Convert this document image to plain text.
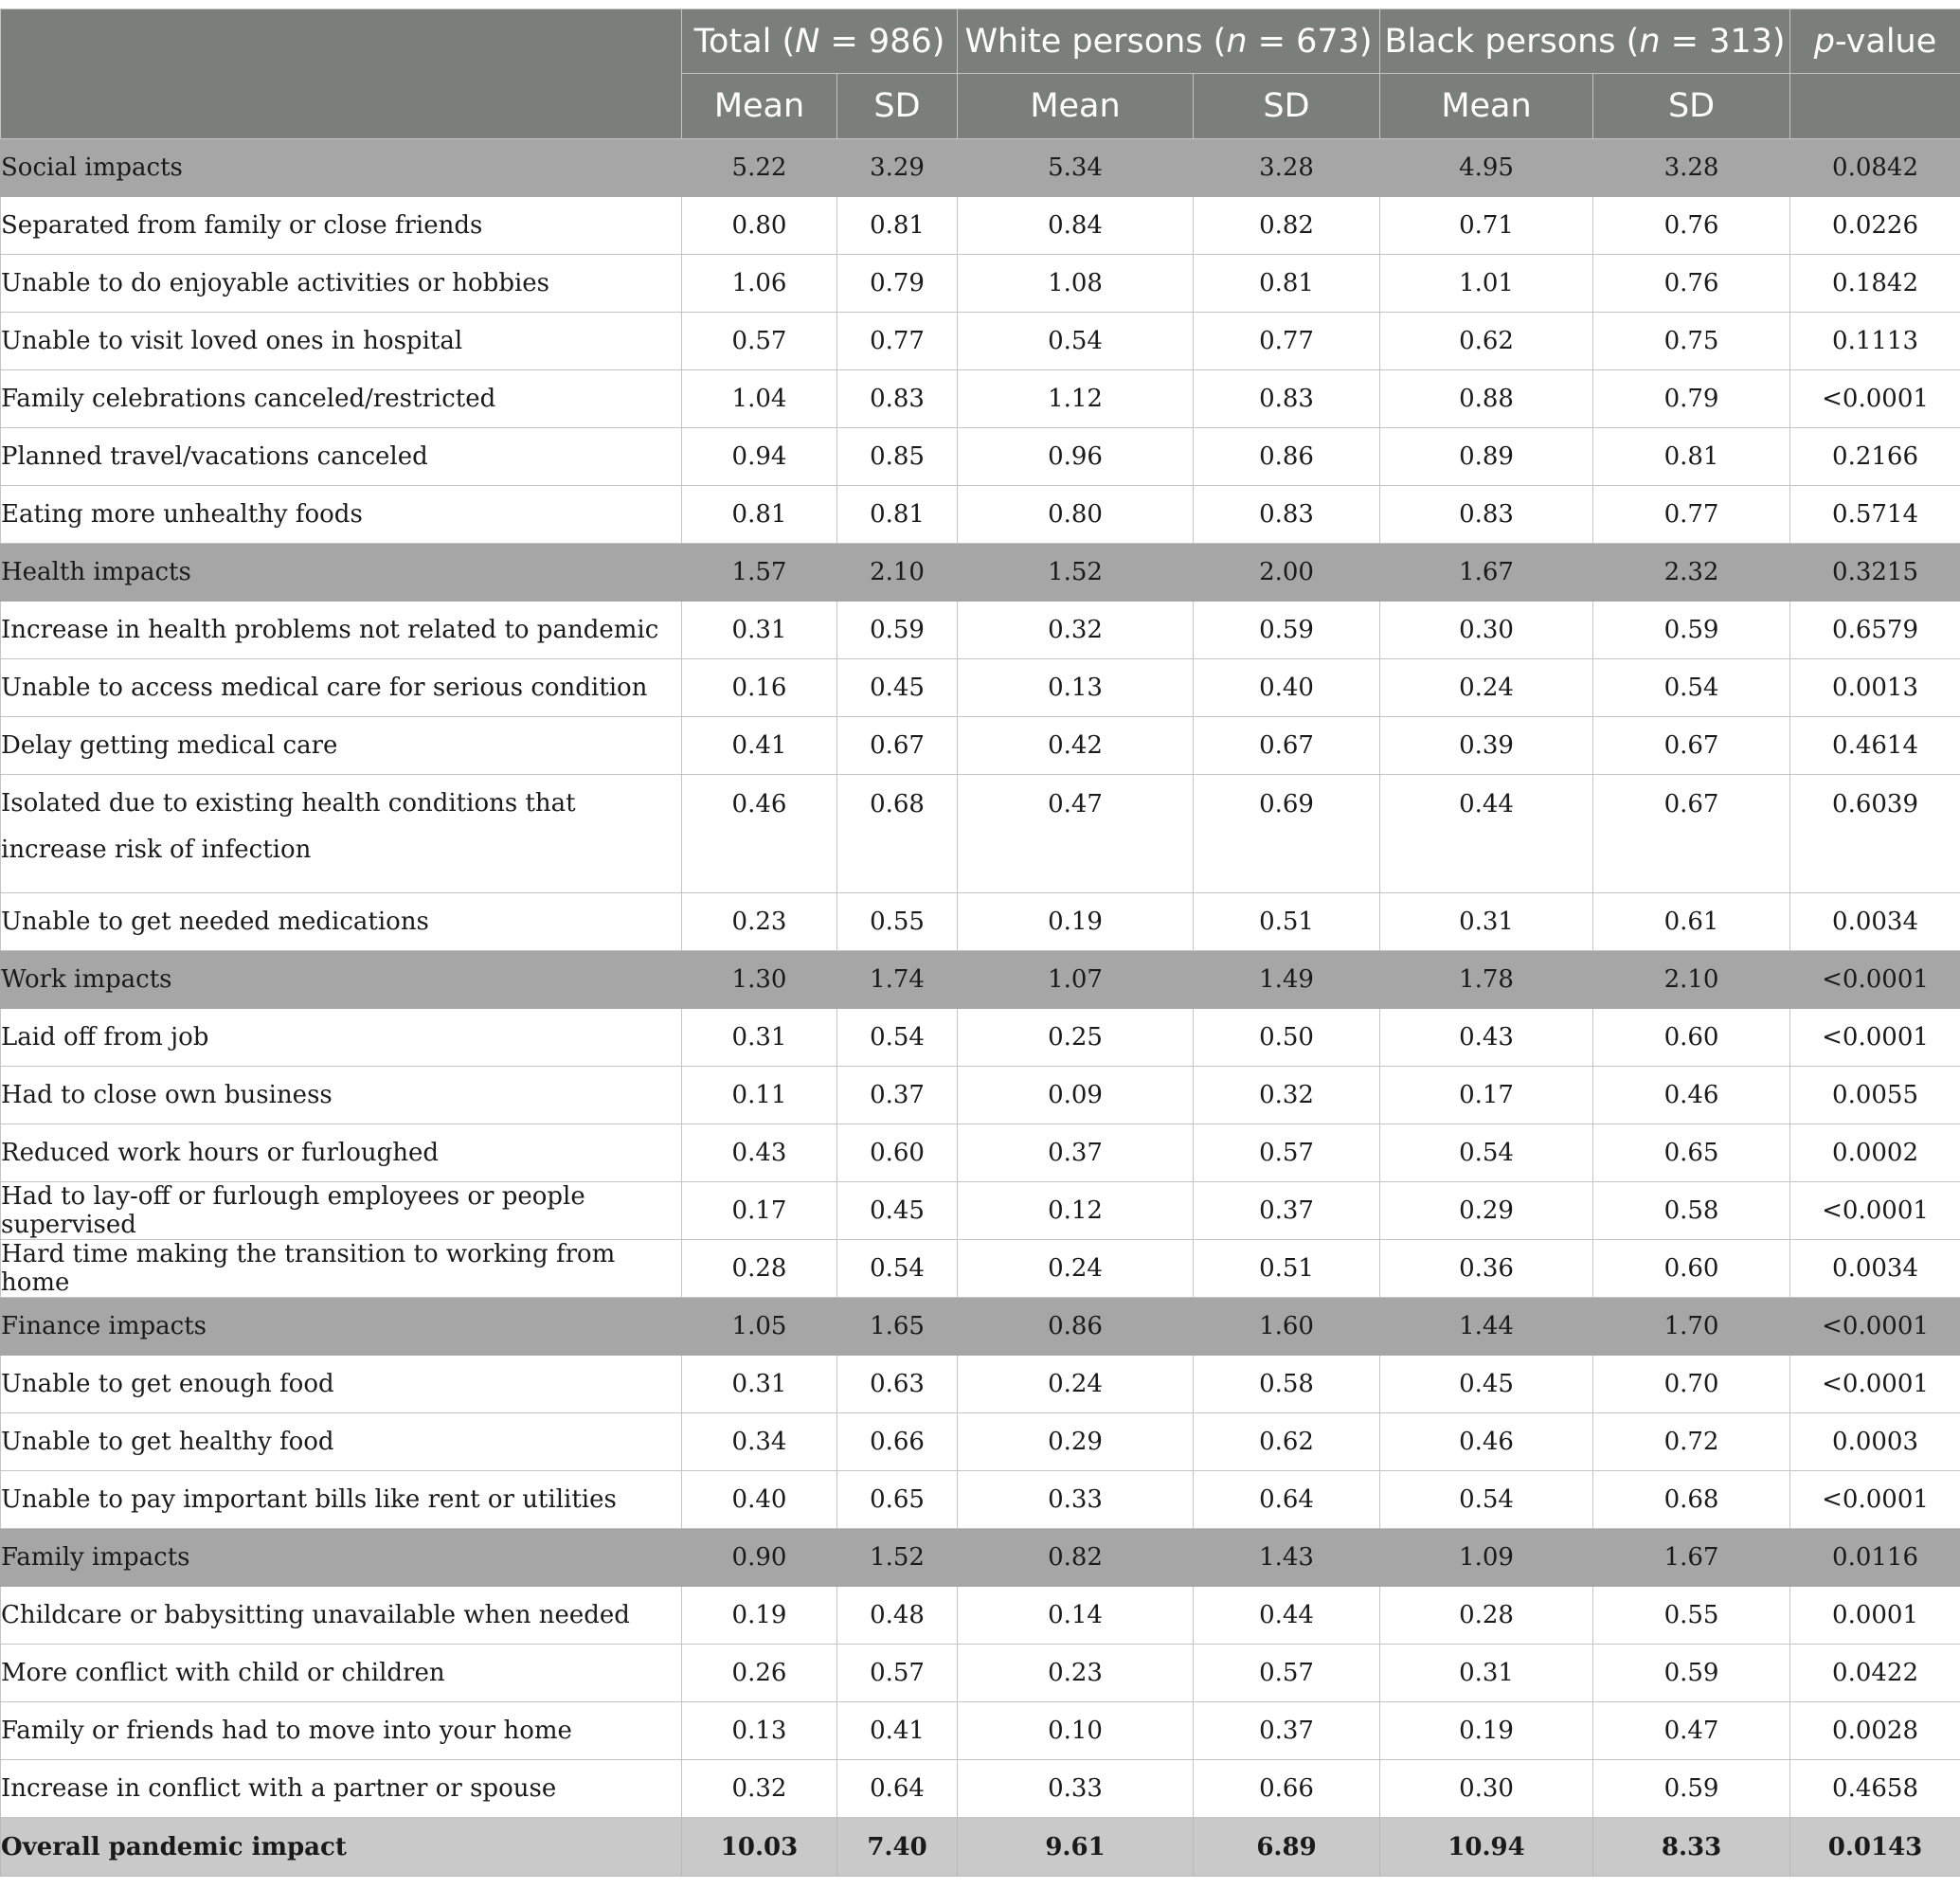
	Total (N = 986)		White persons (n = 673)		Black persons (n = 313)		p-value
	Mean	SD	Mean	SD	Mean	SD	
Social impacts	5.22	3.29	5.34	3.28	4.95	3.28	0.0842
Separated from family or close friends	0.80	0.81	0.84	0.82	0.71	0.76	0.0226
Unable to do enjoyable activities or hobbies	1.06	0.79	1.08	0.81	1.01	0.76	0.1842
Unable to visit loved ones in hospital	0.57	0.77	0.54	0.77	0.62	0.75	0.1113
Family celebrations canceled/restricted	1.04	0.83	1.12	0.83	0.88	0.79	<0.0001
Planned travel/vacations canceled	0.94	0.85	0.96	0.86	0.89	0.81	0.2166
Eating more unhealthy foods	0.81	0.81	0.80	0.83	0.83	0.77	0.5714
Health impacts	1.57	2.10	1.52	2.00	1.67	2.32	0.3215
Increase in health problems not related to pandemic	0.31	0.59	0.32	0.59	0.30	0.59	0.6579
Unable to access medical care for serious condition	0.16	0.45	0.13	0.40	0.24	0.54	0.0013
Delay getting medical care	0.41	0.67	0.42	0.67	0.39	0.67	0.4614
Isolated due to existing health conditions that increase risk of infection	0.46	0.68	0.47	0.69	0.44	0.67	0.6039
Unable to get needed medications	0.23	0.55	0.19	0.51	0.31	0.61	0.0034
Work impacts	1.30	1.74	1.07	1.49	1.78	2.10	<0.0001
Laid off from job	0.31	0.54	0.25	0.50	0.43	0.60	<0.0001
Had to close own business	0.11	0.37	0.09	0.32	0.17	0.46	0.0055
Reduced work hours or furloughed	0.43	0.60	0.37	0.57	0.54	0.65	0.0002
Had to lay-off or furlough employees or people supervised	0.17	0.45	0.12	0.37	0.29	0.58	<0.0001
Hard time making the transition to working from home	0.28	0.54	0.24	0.51	0.36	0.60	0.0034
Finance impacts	1.05	1.65	0.86	1.60	1.44	1.70	<0.0001
Unable to get enough food	0.31	0.63	0.24	0.58	0.45	0.70	<0.0001
Unable to get healthy food	0.34	0.66	0.29	0.62	0.46	0.72	0.0003
Unable to pay important bills like rent or utilities	0.40	0.65	0.33	0.64	0.54	0.68	<0.0001
Family impacts	0.90	1.52	0.82	1.43	1.09	1.67	0.0116
Childcare or babysitting unavailable when needed	0.19	0.48	0.14	0.44	0.28	0.55	0.0001
More conflict with child or children	0.26	0.57	0.23	0.57	0.31	0.59	0.0422
Family or friends had to move into your home	0.13	0.41	0.10	0.37	0.19	0.47	0.0028
Increase in conflict with a partner or spouse	0.32	0.64	0.33	0.66	0.30	0.59	0.4658
Overall pandemic impact	10.03	7.40	9.61	6.89	10.94	8.33	0.0143
